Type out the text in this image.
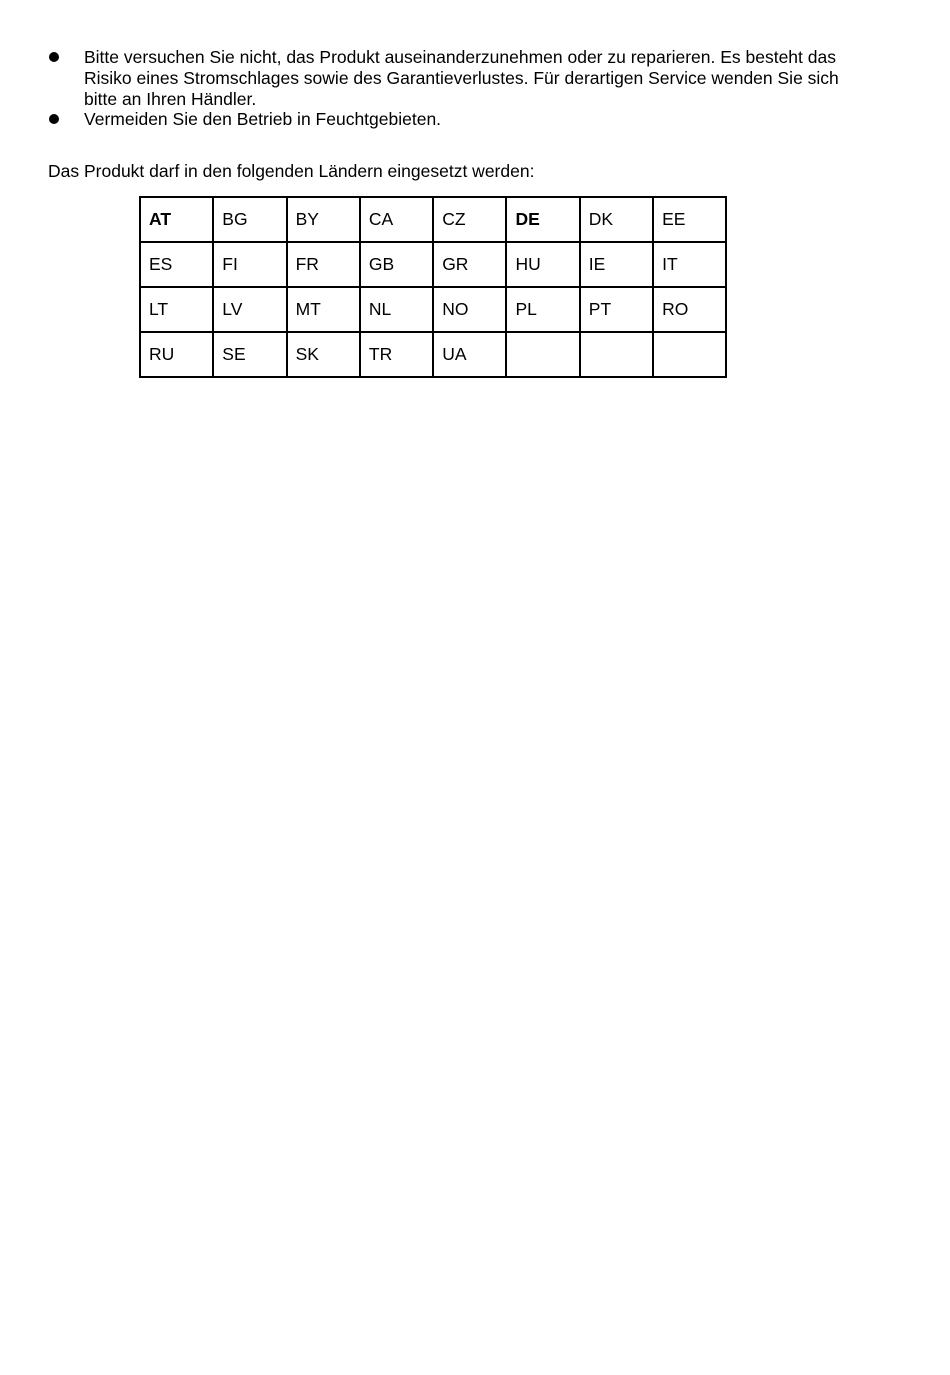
Bitte versuchen Sie nicht, das Produkt auseinanderzunehmen oder zu reparieren. Es besteht das Risiko eines Stromschlages sowie des Garantieverlustes. Für derartigen Service wenden Sie sich bitte an Ihren Händler.
Vermeiden Sie den Betrieb in Feuchtgebieten.

Das Produkt darf in den folgenden Ländern eingesetzt werden:

AT	BG	BY	CA	CZ	DE	DK	EE
ES	FI	FR	GB	GR	HU	IE	IT
LT	LV	MT	NL	NO	PL	PT	RO
RU	SE	SK	TR	UA			
